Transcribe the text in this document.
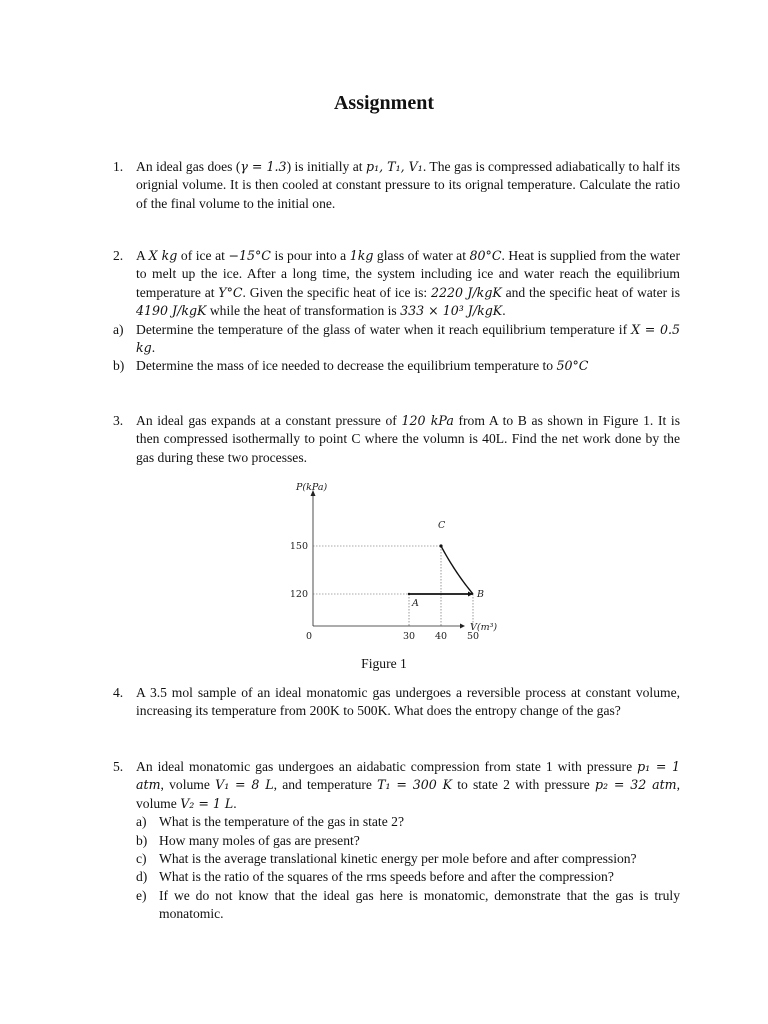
Assignment
1. An ideal gas does (γ = 1.3) is initially at p₁, T₁, V₁. The gas is compressed adiabatically to half its orignial volume. It is then cooled at constant pressure to its orignal temperature. Calculate the ratio of the final volume to the initial one.
2. A X kg of ice at −15°C is pour into a 1kg glass of water at 80°C. Heat is supplied from the water to melt up the ice. After a long time, the system including ice and water reach the equilibrium temperature at Y°C. Given the specific heat of ice is: 2220 J/kgK and the specific heat of water is 4190 J/kgK while the heat of transformation is 333 × 10³ J/kgK.
a) Determine the temperature of the glass of water when it reach equilibrium temperature if X = 0.5 kg.
b) Determine the mass of ice needed to decrease the equilibrium temperature to 50°C
3. An ideal gas expands at a constant pressure of 120 kPa from A to B as shown in Figure 1. It is then compressed isothermally to point C where the volumn is 40L. Find the net work done by the gas during these two processes.
P(kPa)
V(m³)
0	30 40 50
150
120
C
A
B
Figure 1
4. A 3.5 mol sample of an ideal monatomic gas undergoes a reversible process at constant volume, increasing its temperature from 200K to 500K. What does the entropy change of the gas?
5. An ideal monatomic gas undergoes an aidabatic compression from state 1 with pressure p₁ = 1 atm, volume V₁ = 8 L, and temperature T₁ = 300 K to state 2 with pressure p₂ = 32 atm, volume V₂ = 1 L.
a) What is the temperature of the gas in state 2?
b) How many moles of gas are present?
c) What is the average translational kinetic energy per mole before and after compression?
d) What is the ratio of the squares of the rms speeds before and after the compression?
e) If we do not know that the ideal gas here is monatomic, demonstrate that the gas is truly monatomic.
